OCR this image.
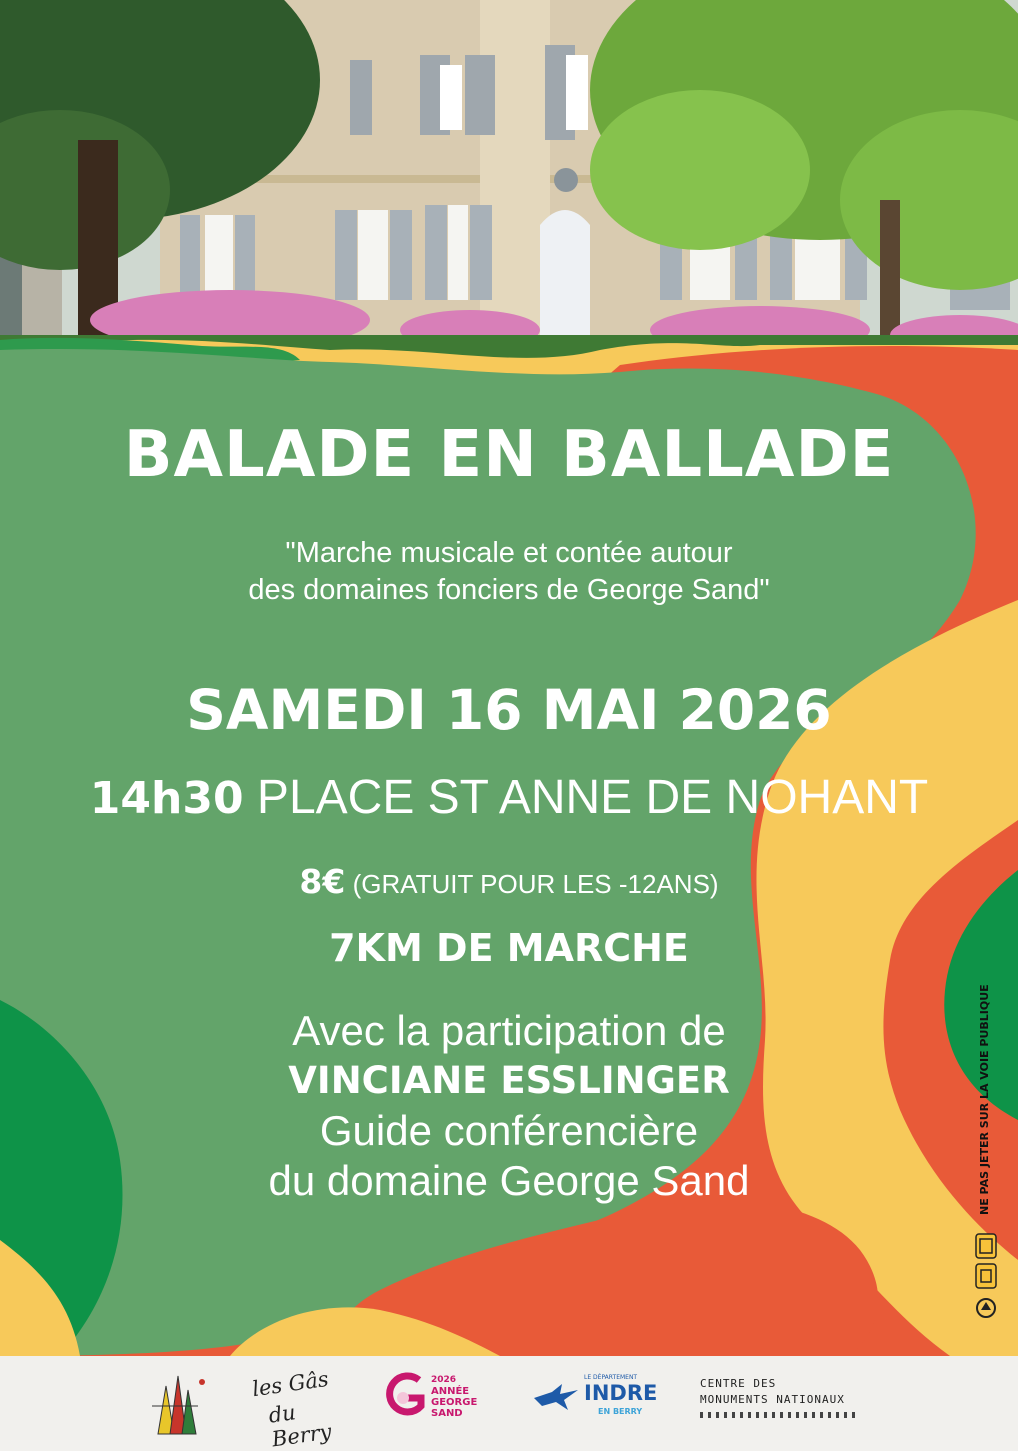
BALADE EN BALLADE
"Marche musicale et contée autour
des domaines fonciers de George Sand"
SAMEDI 16 MAI 2026
14h30 PLACE ST ANNE DE NOHANT
8€ (GRATUIT POUR LES -12ANS)
7KM DE MARCHE
Avec la participation de
VINCIANE ESSLINGER
Guide conférencière
du domaine George Sand	NE PAS JETER SUR LA VOIE PUBLIQUE
les Gâs
du Berry
2026
ANNÉE
GEORGE
SAND
LE DÉPARTEMENT
INDRE
EN BERRY
CENTRE DES
MONUMENTS NATIONAUX
